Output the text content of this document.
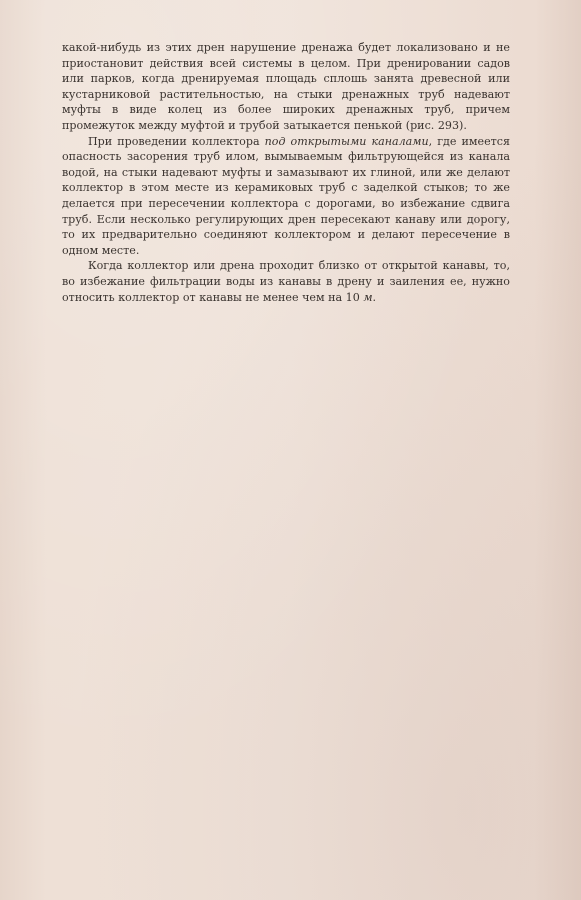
какой-нибудь из этих дрен нарушение дренажа будет локализовано и не приостановит действия всей системы в целом. При дренировании садов или парков, когда дренируемая площадь сплошь занята древесной или кустарниковой растительностью, на стыки дренажных труб надевают муфты в виде колец из более широких дренажных труб, причем промежуток между муфтой и трубой затыкается пенькой (рис. 293).

При проведении коллектора под открытыми каналами, где имеется опасность засорения труб илом, вымываемым фильтрующейся из канала водой, на стыки надевают муфты и замазывают их глиной, или же делают коллектор в этом месте из керамиковых труб с заделкой стыков; то же делается при пересечении коллектора с дорогами, во избежание сдвига труб. Если несколько регулирующих дрен пересекают канаву или дорогу, то их предварительно соединяют коллектором и делают пересечение в одном месте.

Когда коллектор или дрена проходит близко от открытой канавы, то, во избежание фильтрации воды из канавы в дрену и заиления ее, нужно относить коллектор от канавы не менее чем на 10 м.
